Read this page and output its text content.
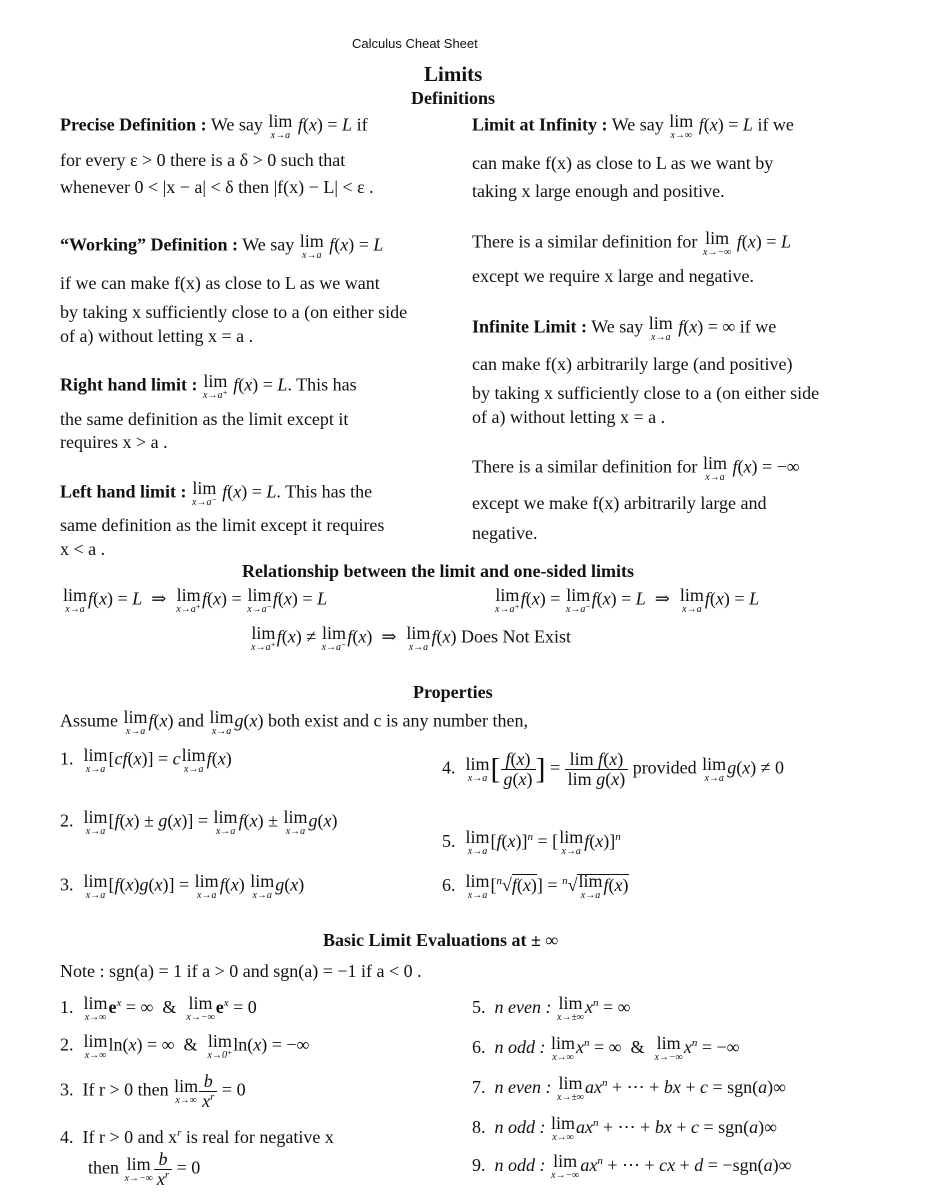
Calculus Cheat Sheet
Limits
Definitions
Precise Definition : We say lim
x→a
f(x) = L if
for every ε > 0 there is a δ > 0 such that
whenever 0 < |x − a| < δ then |f(x) − L| < ε .
“Working” Definition : We say lim
x→a
f(x) = L
if we can make f(x) as close to L as we want
by taking x sufficiently close to a (on either side
of a) without letting x = a .
Right hand limit : lim
x→a⁺
f(x) = L. This has
the same definition as the limit except it
requires x > a .
Left hand limit : lim
x→a⁻
f(x) = L. This has the
same definition as the limit except it requires
x < a .
Limit at Infinity : We say lim
x→∞
f(x) = L if we
can make f(x) as close to L as we want by
taking x large enough and positive.
There is a similar definition for lim
x→−∞
f(x) = L
except we require x large and negative.
Infinite Limit : We say lim
x→a
f(x) = ∞ if we
can make f(x) arbitrarily large (and positive)
by taking x sufficiently close to a (on either side
of a) without letting x = a .
There is a similar definition for lim
x→a
f(x) = −∞
except we make f(x) arbitrarily large and
negative.
Relationship between the limit and one-sided limits
lim
x→a
f(x) = L  ⇒ lim
x→a⁺
f(x) = lim
x→a⁻
f(x) = L	lim
x→a⁺
f(x) = lim
x→a⁻
f(x) = L  ⇒ lim
x→a
f(x) = L
lim
x→a⁺
f(x) ≠ lim
x→a⁻
f(x)  ⇒ lim
x→a
f(x) Does Not Exist
Properties
Assume lim
x→a
f(x) and lim
x→a
g(x) both exist and c is any number then,
1. lim
x→a
[cf(x)] = c lim
x→a
f(x)
2. lim
x→a
[f(x) ± g(x)] = lim
x→a
f(x) ± lim
x→a
g(x)
3. lim
x→a
[f(x)g(x)] = lim
x→a
f(x) lim
x→a
g(x)
4. lim
x→a [ $\frac{f(x)}{g(x)}$ ] = $\frac{\text{lim f(x)}}{\text{lim g(x)}}$ provided lim
x→a
g(x) ≠ 0
5. lim
x→a
$[f(x)]^n$ = [ lim
x→a
f(x)]$^n$
6. lim
x→a
[$^n$√f(x)] = $^n$√ lim
x→a
f(x)
Basic Limit Evaluations at ± ∞
Note : sgn(a) = 1 if a > 0 and sgn(a) = −1 if a < 0 .
1. lim
x→∞
$e^x$ = ∞  & lim
x→−∞
$e^x = 0$
2. lim
x→∞
ln(x) = ∞  & lim
x→0⁺
ln(x) = −∞
3.  If r > 0 then lim
$x\to\infty \frac{b}{x^r} = 0$
4.  If r > 0 and $x^r$ is real for negative x
then lim
$x\to-\infty \frac{b}{x^r} = 0$
5.  n even : lim
x→±∞
$x^n$ = ∞
6.  n odd : lim
x→∞
$x^n$ = ∞  & lim
x→−∞
$x^n$ = −∞
7.  n even : lim
x→±∞
$ax^n$ + ⋯ + bx + c = sgn(a)∞
8.  n odd : lim
x→∞
$ax^n$ + ⋯ + bx + c = sgn(a)∞
9.  n odd : lim
x→−∞
$ax^n$ + ⋯ + cx + d = −sgn(a)∞
